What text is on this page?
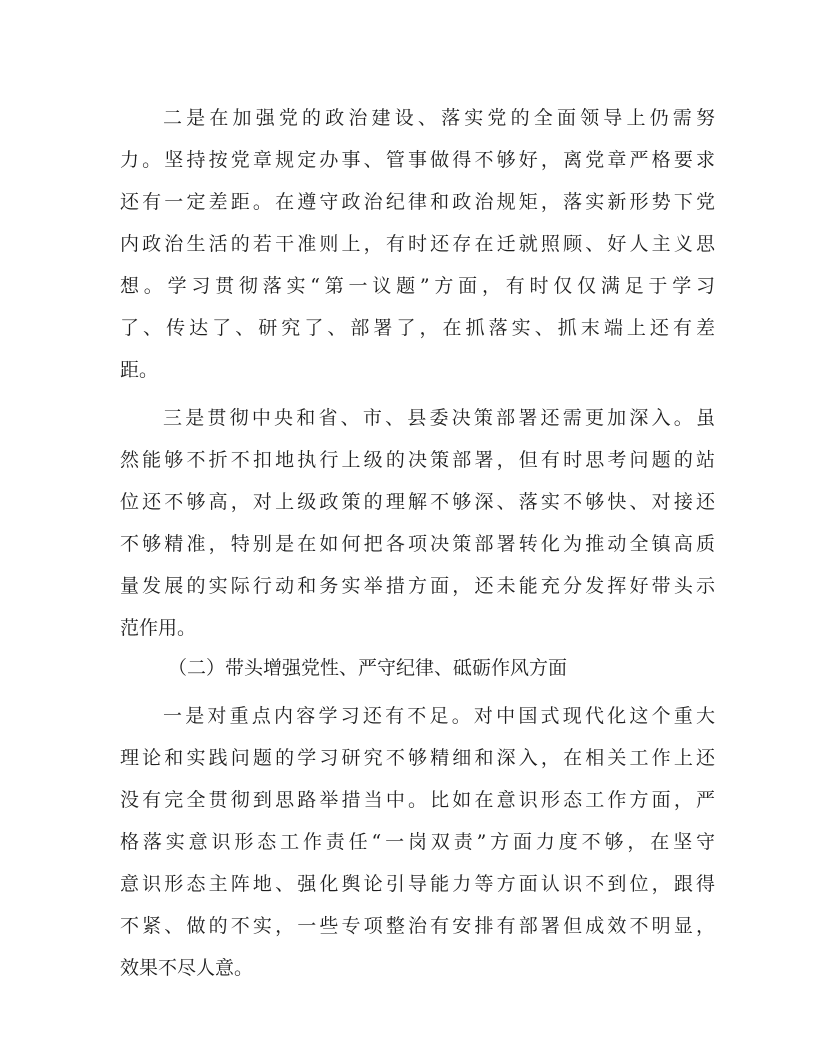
二是在加强党的政治建设、落实党的全面领导上仍需努
力。坚持按党章规定办事、管事做得不够好，离党章严格要求
还有一定差距。在遵守政治纪律和政治规矩，落实新形势下党
内政治生活的若干准则上，有时还存在迁就照顾、好人主义思
想。学习贯彻落实“第一议题”方面，有时仅仅满足于学习
了、传达了、研究了、部署了，在抓落实、抓末端上还有差
距。
三是贯彻中央和省、市、县委决策部署还需更加深入。虽
然能够不折不扣地执行上级的决策部署，但有时思考问题的站
位还不够高，对上级政策的理解不够深、落实不够快、对接还
不够精准，特别是在如何把各项决策部署转化为推动全镇高质
量发展的实际行动和务实举措方面，还未能充分发挥好带头示
范作用。
（二）带头增强党性、严守纪律、砥砺作风方面
一是对重点内容学习还有不足。对中国式现代化这个重大
理论和实践问题的学习研究不够精细和深入，在相关工作上还
没有完全贯彻到思路举措当中。比如在意识形态工作方面，严
格落实意识形态工作责任“一岗双责”方面力度不够，在坚守
意识形态主阵地、强化舆论引导能力等方面认识不到位，跟得
不紧、做的不实，一些专项整治有安排有部署但成效不明显，
效果不尽人意。
